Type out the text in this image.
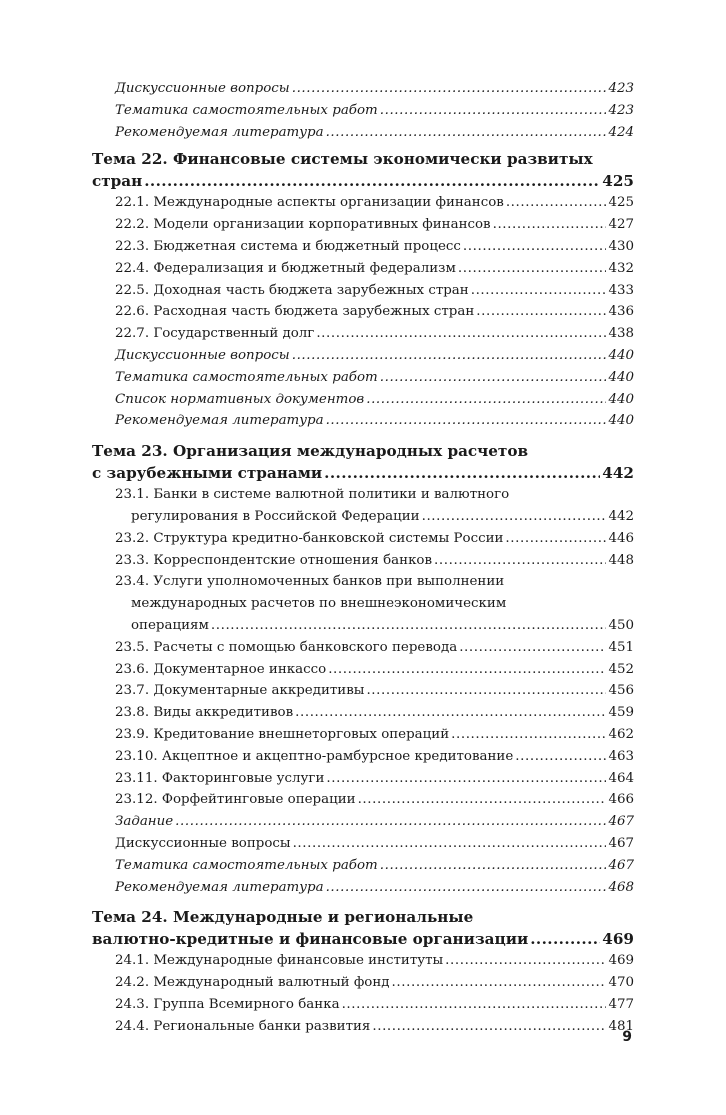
Дискуссионные вопросы .....	423
Тематика самостоятельных работ .....	423
Рекомендуемая литература .....	424
Тема 22. Финансовые системы экономически развитых
стран .....	425
22.1. Международные аспекты организации финансов .....	425
22.2. Модели организации корпоративных финансов .....	427
22.3. Бюджетная система и бюджетный процесс .....	430
22.4. Федерализация и бюджетный федерализм .....	432
22.5. Доходная часть бюджета зарубежных стран .....	433
22.6. Расходная часть бюджета зарубежных стран .....	436
22.7. Государственный долг .....	438
Дискуссионные вопросы .....	440
Тематика самостоятельных работ .....	440
Список нормативных документов .....	440
Рекомендуемая литература .....	440
Тема 23. Организация международных расчетов
с зарубежными странами .....	442
23.1. Банки в системе валютной политики и валютного
регулирования в Российской Федерации .....	442
23.2. Структура кредитно-банковской системы России .....	446
23.3. Корреспондентские отношения банков .....	448
23.4. Услуги уполномоченных банков при выполнении
международных расчетов по внешнеэкономическим
операциям .....	450
23.5. Расчеты с помощью банковского перевода .....	451
23.6. Документарное инкассо .....	452
23.7. Документарные аккредитивы .....	456
23.8. Виды аккредитивов .....	459
23.9. Кредитование внешнеторговых операций .....	462
23.10. Акцептное и акцептно-рамбурсное кредитование .....	463
23.11. Факторинговые услуги .....	464
23.12. Форфейтинговые операции .....	466
Задание .....	467
Дискуссионные вопросы .....	467
Тематика самостоятельных работ .....	467
Рекомендуемая литература .....	468
Тема 24. Международные и региональные
валютно-кредитные и финансовые организации .....	469
24.1. Международные финансовые институты .....	469
24.2. Международный валютный фонд .....	470
24.3. Группа Всемирного банка .....	477
24.4. Региональные банки развития .....	481
9
